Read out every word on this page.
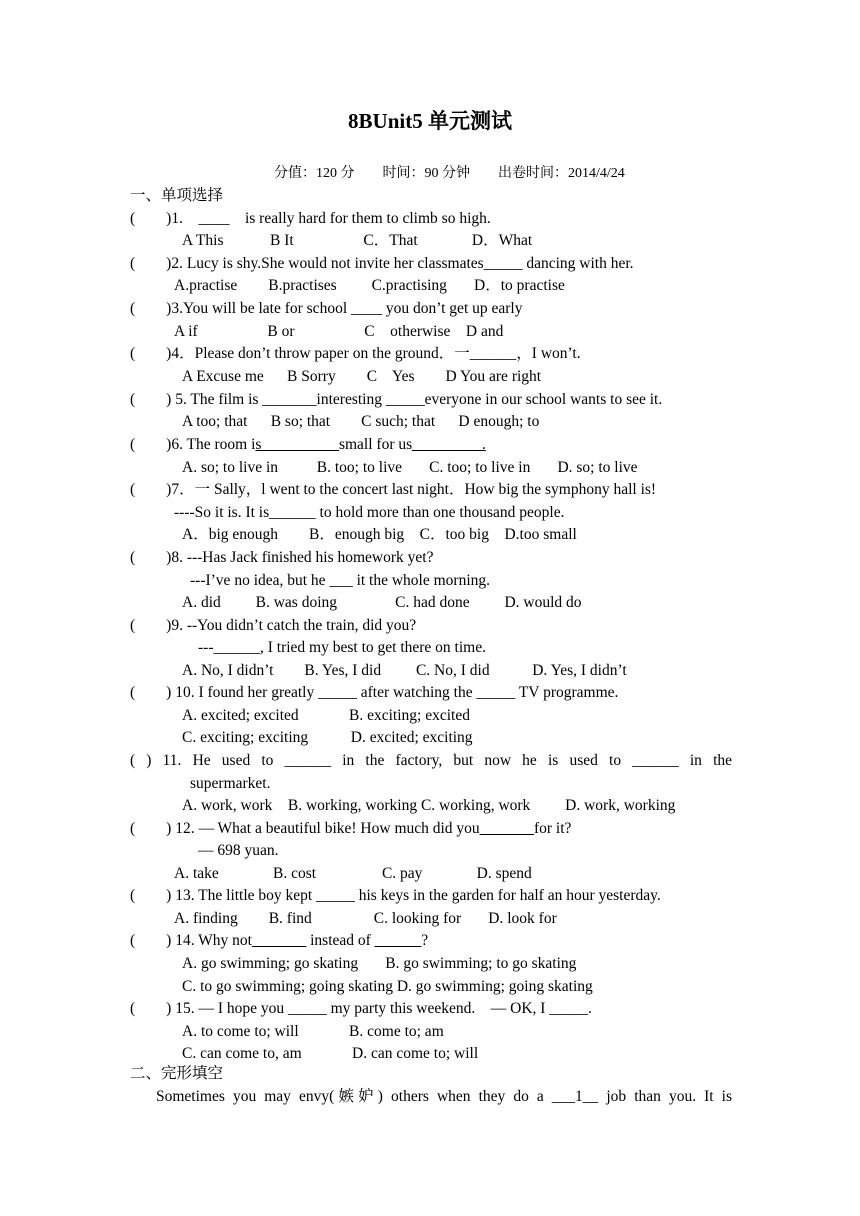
8BUnit5 单元测试
分值：120 分　　时间：90 分钟　　出卷时间：2014/4/24
一、单项选择
(        )1.    ____    is really hard for them to climb so high.
A This            B It                  C．That              D．What
(        )2. Lucy is shy.She would not invite her classmates_____ dancing with her.
A.practise        B.practises         C.practising       D．to practise
(        )3.You will be late for school ____ you don’t get up early
A if                  B or                  C    otherwise    D and
(        )4．Please don’t throw paper on the ground．一______，I won’t.
A Excuse me      B Sorry        C    Yes        D You are right
(        ) 5. The film is _______interesting _____everyone in our school wants to see it.
A too; that      B so; that        C such; that      D enough; to
(        )6. The room is__________small for us_________.
A. so; to live in          B. too; to live       C. too; to live in       D. so; to live
(        )7．一 Sally，l went to the concert last night．How big the symphony hall is!
----So it is. It is______ to hold more than one thousand people.
A．big enough        B．enough big    C．too big    D.too small
(        )8. ---Has Jack finished his homework yet?
---I’ve no idea, but he ___ it the whole morning.
A. did         B. was doing               C. had done         D. would do
(        )9. --You didn’t catch the train, did you?
---______, I tried my best to get there on time.
A. No, I didn’t        B. Yes, I did         C. No, I did           D. Yes, I didn’t
(        ) 10. I found her greatly _____ after watching the _____ TV programme.
A. excited; excited             B. exciting; excited
C. exciting; exciting           D. excited; exciting
( ) 11. He used to ______ in the factory, but now he is used to ______ in the
supermarket.
A. work, work    B. working, working C. working, work         D. work, working
(        ) 12. — What a beautiful bike! How much did you_______for it?
— 698 yuan.
A. take              B. cost                 C. pay              D. spend
(        ) 13. The little boy kept _____ his keys in the garden for half an hour yesterday.
A. finding        B. find                C. looking for       D. look for
(        ) 14. Why not_______ instead of ______?
A. go swimming; go skating       B. go swimming; to go skating
C. to go swimming; going skating D. go swimming; going skating
(        ) 15. — I hope you _____ my party this weekend.    — OK, I _____.
A. to come to; will             B. come to; am
C. can come to, am             D. can come to; will
二、完形填空
Sometimes you may envy(嫉妒) others when they do a ___1__ job than you. It is
